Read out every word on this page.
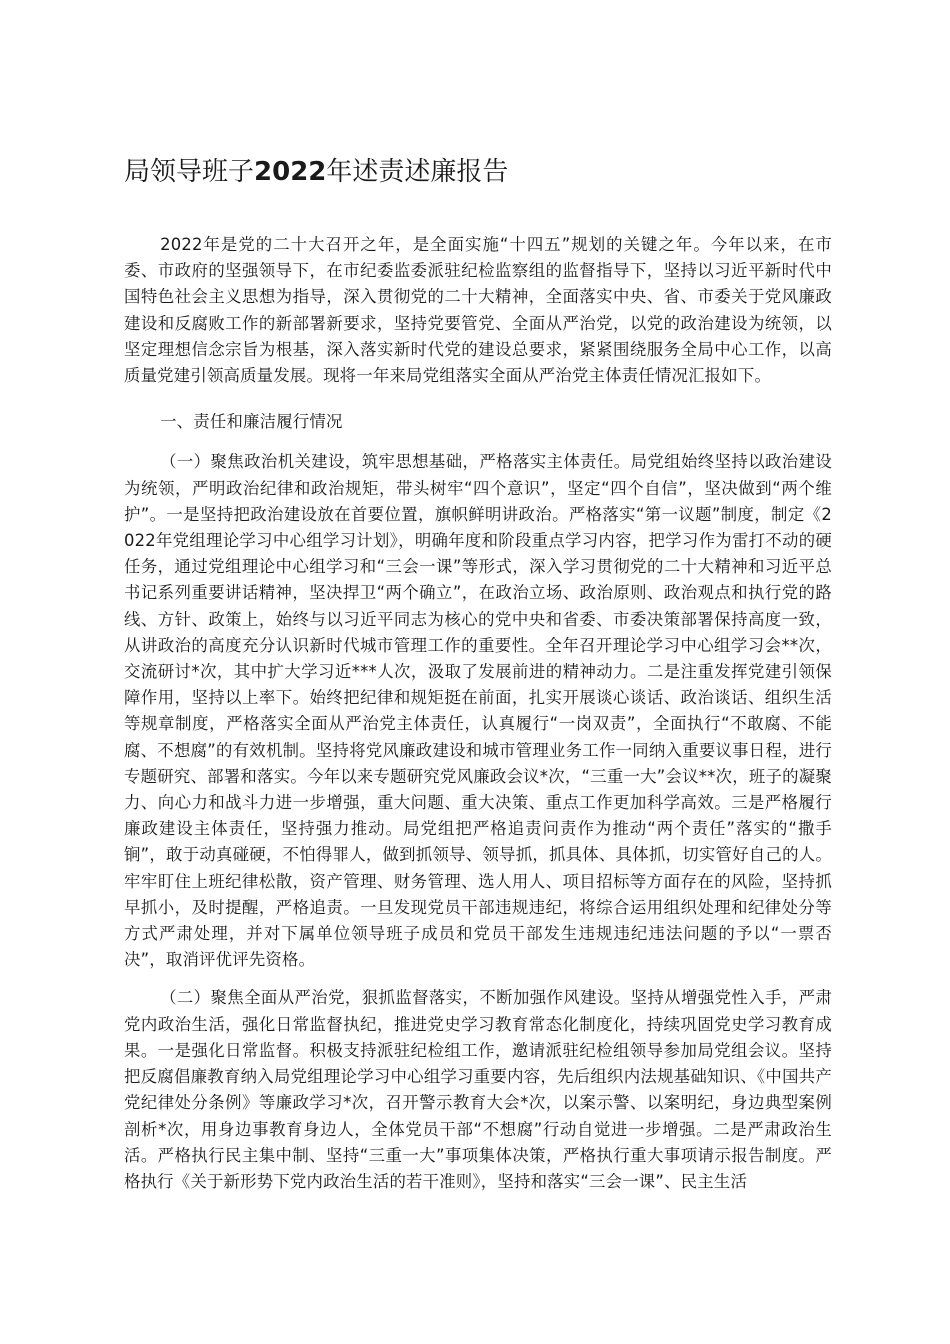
局领导班子2022年述责述廉报告

2022年是党的二十大召开之年，是全面实施“十四五”规划的关键之年。今年以来，在市委、市政府的坚强领导下，在市纪委监委派驻纪检监察组的监督指导下，坚持以习近平新时代中国特色社会主义思想为指导，深入贯彻党的二十大精神，全面落实中央、省、市委关于党风廉政建设和反腐败工作的新部署新要求，坚持党要管党、全面从严治党，以党的政治建设为统领，以坚定理想信念宗旨为根基，深入落实新时代党的建设总要求，紧紧围绕服务全局中心工作，以高质量党建引领高质量发展。现将一年来局党组落实全面从严治党主体责任情况汇报如下。

一、责任和廉洁履行情况

（一）聚焦政治机关建设，筑牢思想基础，严格落实主体责任。局党组始终坚持以政治建设为统领，严明政治纪律和政治规矩，带头树牢“四个意识”，坚定“四个自信”，坚决做到“两个维护”。一是坚持把政治建设放在首要位置，旗帜鲜明讲政治。严格落实“第一议题”制度，制定《2022年党组理论学习中心组学习计划》，明确年度和阶段重点学习内容，把学习作为雷打不动的硬任务，通过党组理论中心组学习和“三会一课”等形式，深入学习贯彻党的二十大精神和习近平总书记系列重要讲话精神，坚决捍卫“两个确立”，在政治立场、政治原则、政治观点和执行党的路线、方针、政策上，始终与以习近平同志为核心的党中央和省委、市委决策部署保持高度一致，从讲政治的高度充分认识新时代城市管理工作的重要性。全年召开理论学习中心组学习会**次，交流研讨*次，其中扩大学习近***人次，汲取了发展前进的精神动力。二是注重发挥党建引领保障作用，坚持以上率下。始终把纪律和规矩挺在前面，扎实开展谈心谈话、政治谈话、组织生活等规章制度，严格落实全面从严治党主体责任，认真履行“一岗双责”，全面执行“不敢腐、不能腐、不想腐”的有效机制。坚持将党风廉政建设和城市管理业务工作一同纳入重要议事日程，进行专题研究、部署和落实。今年以来专题研究党风廉政会议*次，“三重一大”会议**次，班子的凝聚力、向心力和战斗力进一步增强，重大问题、重大决策、重点工作更加科学高效。三是严格履行廉政建设主体责任，坚持强力推动。局党组把严格追责问责作为推动“两个责任”落实的“撒手锏”，敢于动真碰硬，不怕得罪人，做到抓领导、领导抓，抓具体、具体抓，切实管好自己的人。牢牢盯住上班纪律松散，资产管理、财务管理、选人用人、项目招标等方面存在的风险，坚持抓早抓小，及时提醒，严格追责。一旦发现党员干部违规违纪，将综合运用组织处理和纪律处分等方式严肃处理，并对下属单位领导班子成员和党员干部发生违规违纪违法问题的予以“一票否决”，取消评优评先资格。

（二）聚焦全面从严治党，狠抓监督落实，不断加强作风建设。坚持从增强党性入手，严肃党内政治生活，强化日常监督执纪，推进党史学习教育常态化制度化，持续巩固党史学习教育成果。一是强化日常监督。积极支持派驻纪检组工作，邀请派驻纪检组领导参加局党组会议。坚持把反腐倡廉教育纳入局党组理论学习中心组学习重要内容，先后组织内法规基础知识、《中国共产党纪律处分条例》等廉政学习*次，召开警示教育大会*次，以案示警、以案明纪，身边典型案例剖析*次，用身边事教育身边人，全体党员干部“不想腐”行动自觉进一步增强。二是严肃政治生活。严格执行民主集中制、坚持“三重一大”事项集体决策，严格执行重大事项请示报告制度。严格执行《关于新形势下党内政治生活的若干准则》，坚持和落实“三会一课”、民主生活
